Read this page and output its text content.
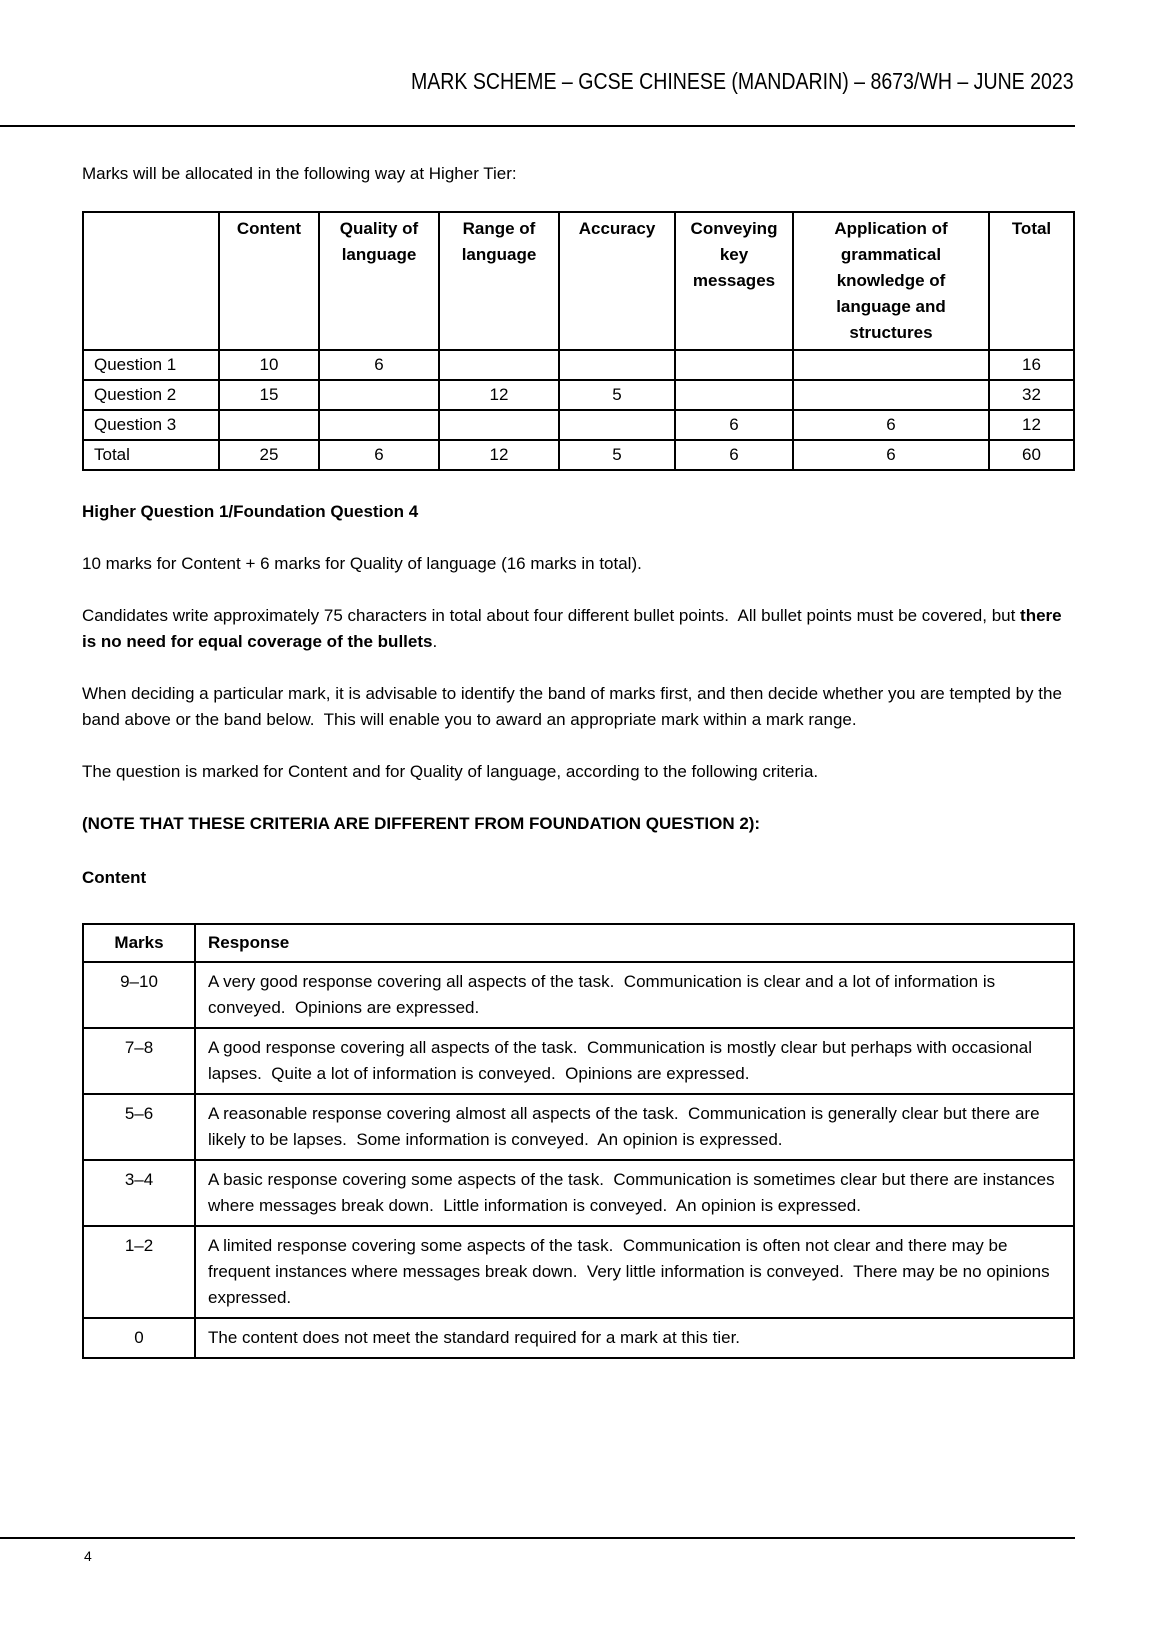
MARK SCHEME – GCSE CHINESE (MANDARIN) – 8673/WH – JUNE 2023

Marks will be allocated in the following way at Higher Tier:

	Content	Quality of language	Range of language	Accuracy	Conveying key messages	Application of grammatical knowledge of language and structures	Total
Question 1	10	6					16
Question 2	15		12	5			32
Question 3					6	6	12
Total	25	6	12	5	6	6	60
Higher Question 1/Foundation Question 4

10 marks for Content + 6 marks for Quality of language (16 marks in total).

Candidates write approximately 75 characters in total about four different bullet points.  All bullet points must be covered, but there is no need for equal coverage of the bullets.

When deciding a particular mark, it is advisable to identify the band of marks first, and then decide whether you are tempted by the band above or the band below.  This will enable you to award an appropriate mark within a mark range.

The question is marked for Content and for Quality of language, according to the following criteria.

(NOTE THAT THESE CRITERIA ARE DIFFERENT FROM FOUNDATION QUESTION 2):

Content
Marks	Response
9–10	A very good response covering all aspects of the task.  Communication is clear and a lot of information is conveyed.  Opinions are expressed.
7–8	A good response covering all aspects of the task.  Communication is mostly clear but perhaps with occasional lapses.  Quite a lot of information is conveyed.  Opinions are expressed.
5–6	A reasonable response covering almost all aspects of the task.  Communication is generally clear but there are likely to be lapses.  Some information is conveyed.  An opinion is expressed.
3–4	A basic response covering some aspects of the task.  Communication is sometimes clear but there are instances where messages break down.  Little information is conveyed.  An opinion is expressed.
1–2	A limited response covering some aspects of the task.  Communication is often not clear and there may be frequent instances where messages break down.  Very little information is conveyed.  There may be no opinions expressed.
0	The content does not meet the standard required for a mark at this tier.
4
